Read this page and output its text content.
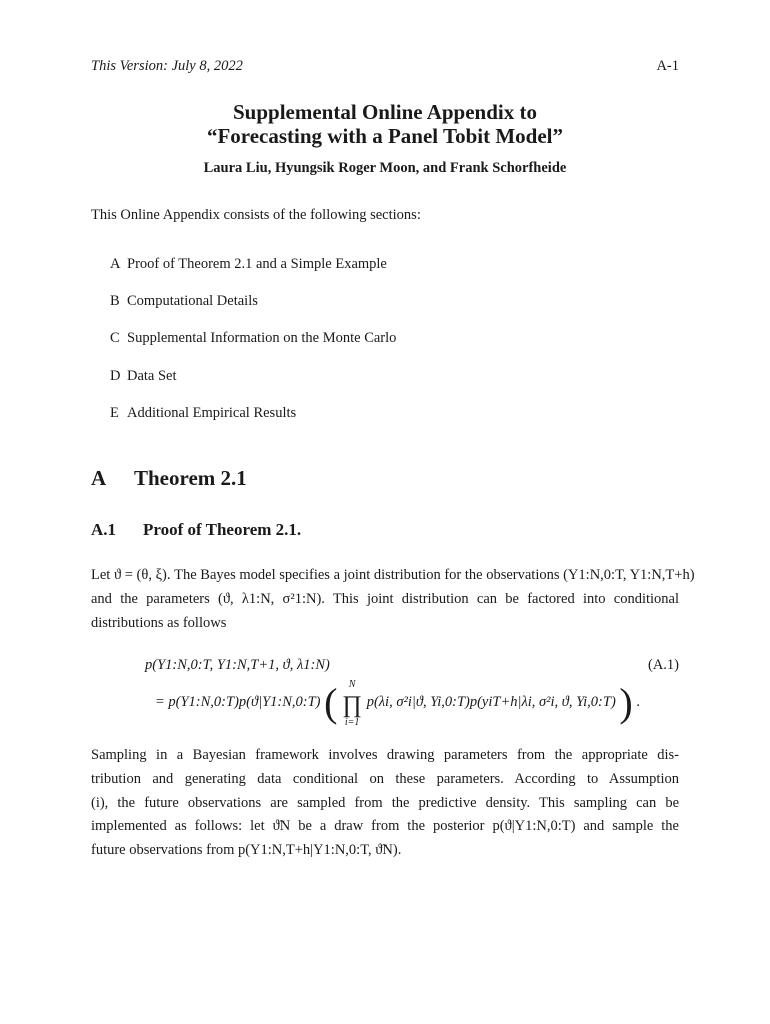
This Version: July 8, 2022	A-1
Supplemental Online Appendix to
“Forecasting with a Panel Tobit Model”
Laura Liu, Hyungsik Roger Moon, and Frank Schorfheide
This Online Appendix consists of the following sections:
A Proof of Theorem 2.1 and a Simple Example
B Computational Details
C Supplemental Information on the Monte Carlo
D Data Set
E Additional Empirical Results
A Theorem 2.1
A.1 Proof of Theorem 2.1.
Let ϑ = (θ, ξ). The Bayes model specifies a joint distribution for the observations (Y1:N,0:T, Y1:N,T+h)
and the parameters (ϑ, λ1:N, σ²1:N). This joint distribution can be factored into conditional
distributions as follows
p(Y1:N,0:T, Y1:N,T+1, ϑ, λ1:N)	(A.1)
= p(Y1:N,0:T)p(ϑ|Y1:N,0:T) (	N
∏
i=1
p(λi, σ²i|ϑ, Yi,0:T)p(yiT+h|λi, σ²i, ϑ, Yi,0:T) ) .
Sampling in a Bayesian framework involves drawing parameters from the appropriate dis-
tribution and generating data conditional on these parameters. According to Assumption
(i), the future observations are sampled from the predictive density. This sampling can be
implemented as follows: let ϑ̃N be a draw from the posterior p(ϑ|Y1:N,0:T) and sample the
future observations from p(Y1:N,T+h|Y1:N,0:T, ϑ̃N).
